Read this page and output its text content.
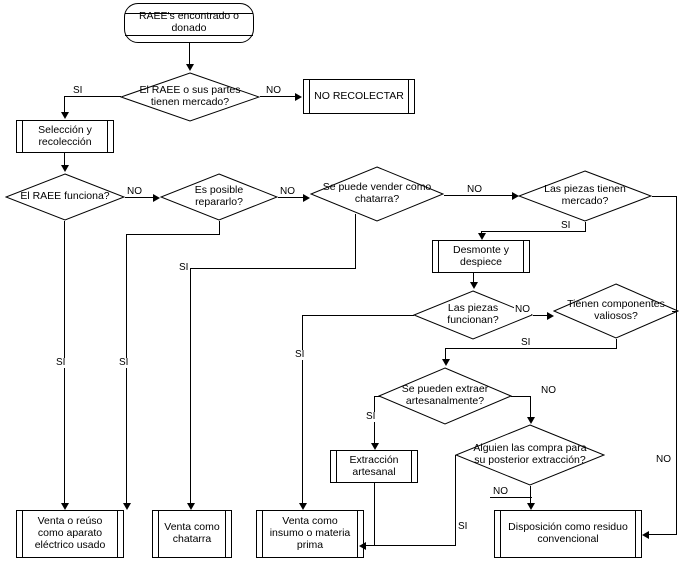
RAEE's encontrado o donado
El RAEE o sus partes tienen mercado?
NO RECOLECTAR
Selección y recolección
El RAEE funciona?	Es posible repararlo?
Se puede vender como chatarra?
Las piezas tienen mercado?
Desmonte y despiece
Las piezas funcionan?
Tienen componentes valiosos?
Se pueden extraer artesanalmente?
Extracción artesanal
Alguien las compra para su posterior extracción?
Venta o reúso como aparato eléctrico usado
Venta como chatarra
Venta como insumo o materia prima
Disposición como residuo convencional
NO
SI
NO
SI	SI
NO
SI
NO
SI
NO
NO
SI
SI
SI
NO
SI
NO
